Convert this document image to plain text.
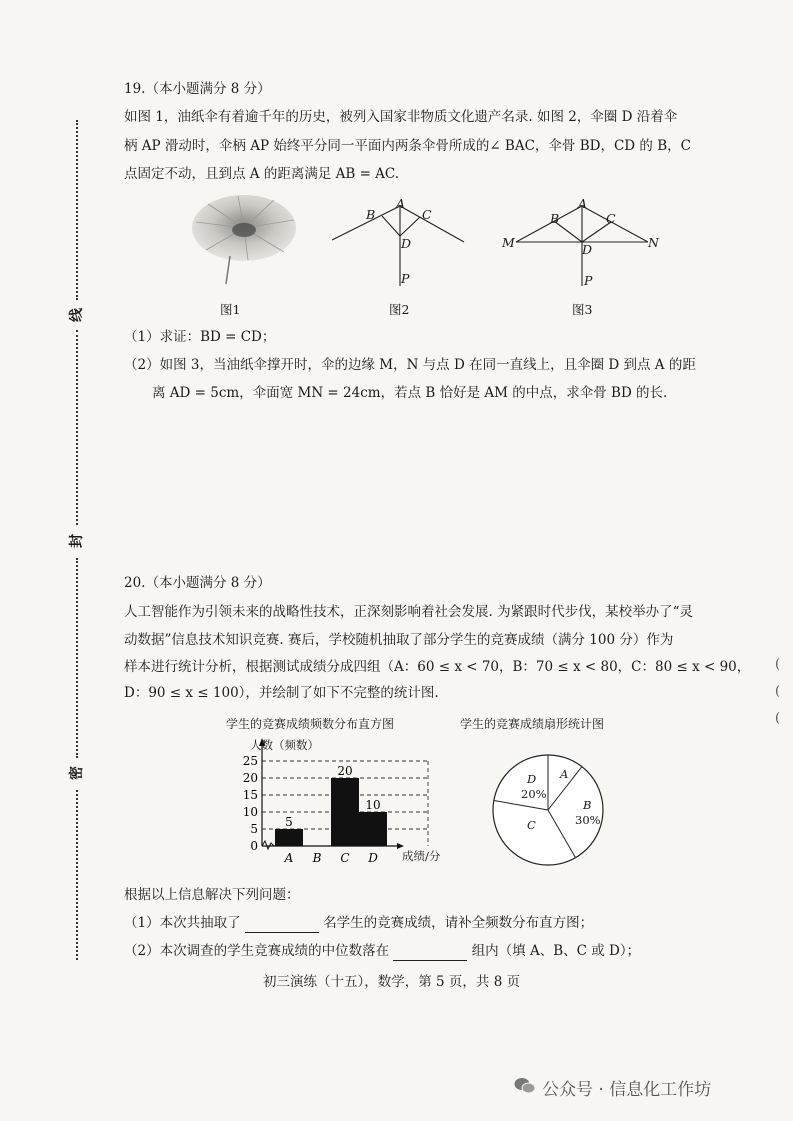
线
封
密
19.（本小题满分 8 分）
如图 1，油纸伞有着逾千年的历史，被列入国家非物质文化遗产名录. 如图 2，伞圈 D 沿着伞
柄 AP 滑动时，伞柄 AP 始终平分同一平面内两条伞骨所成的∠ BAC，伞骨 BD，CD 的 B，C
点固定不动，且到点 A 的距离满足 AB = AC.
B
A
C
D
P
M
B
A
C
N
D
P
图1	图2	图3
（1）求证：BD = CD；
（2）如图 3，当油纸伞撑开时，伞的边缘 M，N 与点 D 在同一直线上，且伞圈 D 到点 A 的距
离 AD = 5cm，伞面宽 MN = 24cm，若点 B 恰好是 AM 的中点，求伞骨 BD 的长.
20.（本小题满分 8 分）
人工智能作为引领未来的战略性技术，正深刻影响着社会发展. 为紧跟时代步伐，某校举办了“灵
动数据”信息技术知识竞赛. 赛后，学校随机抽取了部分学生的竞赛成绩（满分 100 分）作为
样本进行统计分析，根据测试成绩分成四组（A：60 ≤ x < 70，B：70 ≤ x < 80，C：80 ≤ x < 90，
D：90 ≤ x ≤ 100），并绘制了如下不完整的统计图.
(
(
(
学生的竞赛成绩频数分布直方图
0
5
10
15
20
25
5
A B
20
C
10
D
人数（频数）
成绩/分
学生的竞赛成绩扇形统计图
D
20%
A
B
30%
C
根据以上信息解决下列问题：
（1）本次共抽取了	名学生的竞赛成绩，请补全频数分布直方图；
（2）本次调查的学生竞赛成绩的中位数落在	组内（填 A、B、C 或 D）；
初三演练（十五），数学，第 5 页，共 8 页
公众号 · 信息化工作坊
